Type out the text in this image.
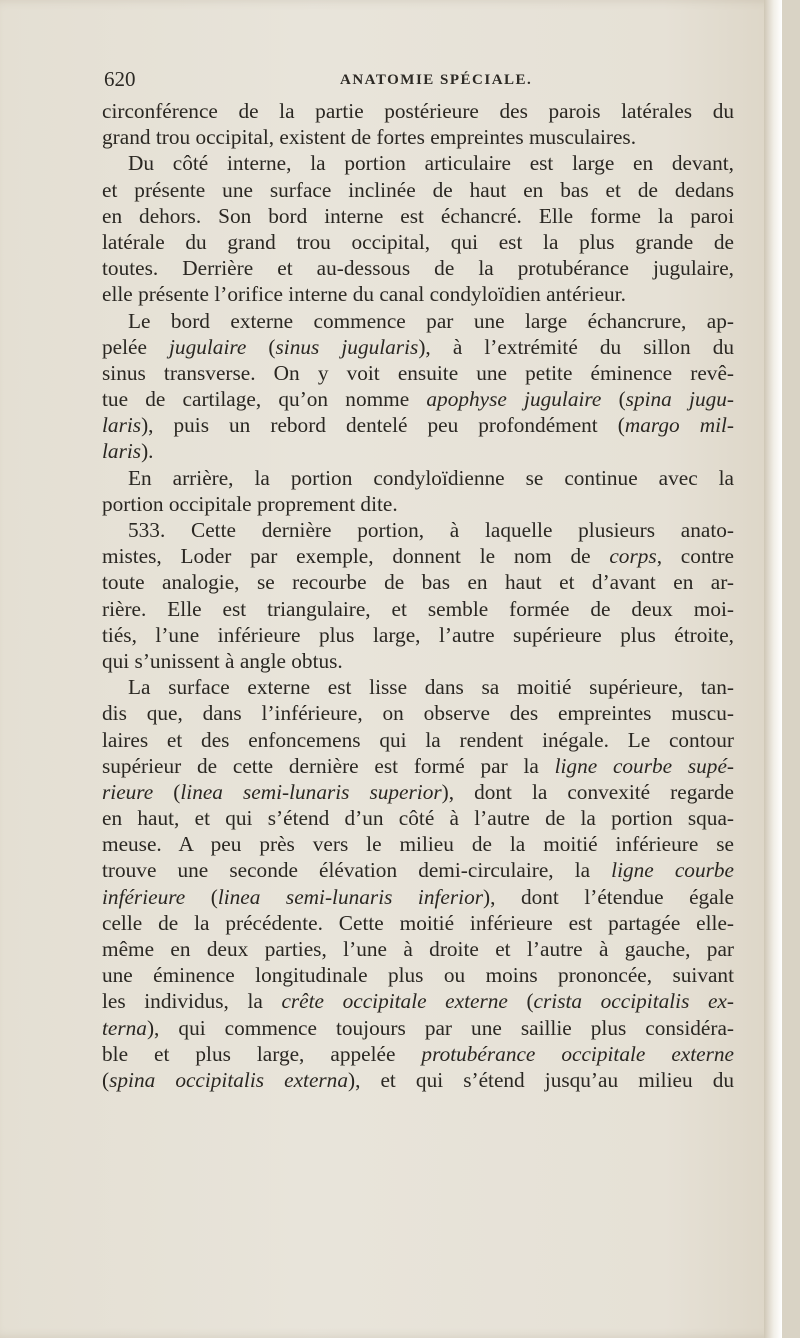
620	ANATOMIE SPÉCIALE.
circonférence de la partie postérieure des parois latérales du
grand trou occipital, existent de fortes empreintes musculaires.
Du côté interne, la portion articulaire est large en devant,
et présente une surface inclinée de haut en bas et de dedans
en dehors. Son bord interne est échancré. Elle forme la paroi
latérale du grand trou occipital, qui est la plus grande de
toutes. Derrière et au-dessous de la protubérance jugulaire,
elle présente l’orifice interne du canal condyloïdien antérieur.
Le bord externe commence par une large échancrure, ap-
pelée jugulaire (sinus jugularis), à l’extrémité du sillon du
sinus transverse. On y voit ensuite une petite éminence revê-
tue de cartilage, qu’on nomme apophyse jugulaire (spina jugu-
laris), puis un rebord dentelé peu profondément (margo mil-
laris).
En arrière, la portion condyloïdienne se continue avec la
portion occipitale proprement dite.
533. Cette dernière portion, à laquelle plusieurs anato-
mistes, Loder par exemple, donnent le nom de corps, contre
toute analogie, se recourbe de bas en haut et d’avant en ar-
rière. Elle est triangulaire, et semble formée de deux moi-
tiés, l’une inférieure plus large, l’autre supérieure plus étroite,
qui s’unissent à angle obtus.
La surface externe est lisse dans sa moitié supérieure, tan-
dis que, dans l’inférieure, on observe des empreintes muscu-
laires et des enfoncemens qui la rendent inégale. Le contour
supérieur de cette dernière est formé par la ligne courbe supé-
rieure (linea semi-lunaris superior), dont la convexité regarde
en haut, et qui s’étend d’un côté à l’autre de la portion squa-
meuse. A peu près vers le milieu de la moitié inférieure se
trouve une seconde élévation demi-circulaire, la ligne courbe
inférieure (linea semi-lunaris inferior), dont l’étendue égale
celle de la précédente. Cette moitié inférieure est partagée elle-
même en deux parties, l’une à droite et l’autre à gauche, par
une éminence longitudinale plus ou moins prononcée, suivant
les individus, la crête occipitale externe (crista occipitalis ex-
terna), qui commence toujours par une saillie plus considéra-
ble et plus large, appelée protubérance occipitale externe
(spina occipitalis externa), et qui s’étend jusqu’au milieu du
